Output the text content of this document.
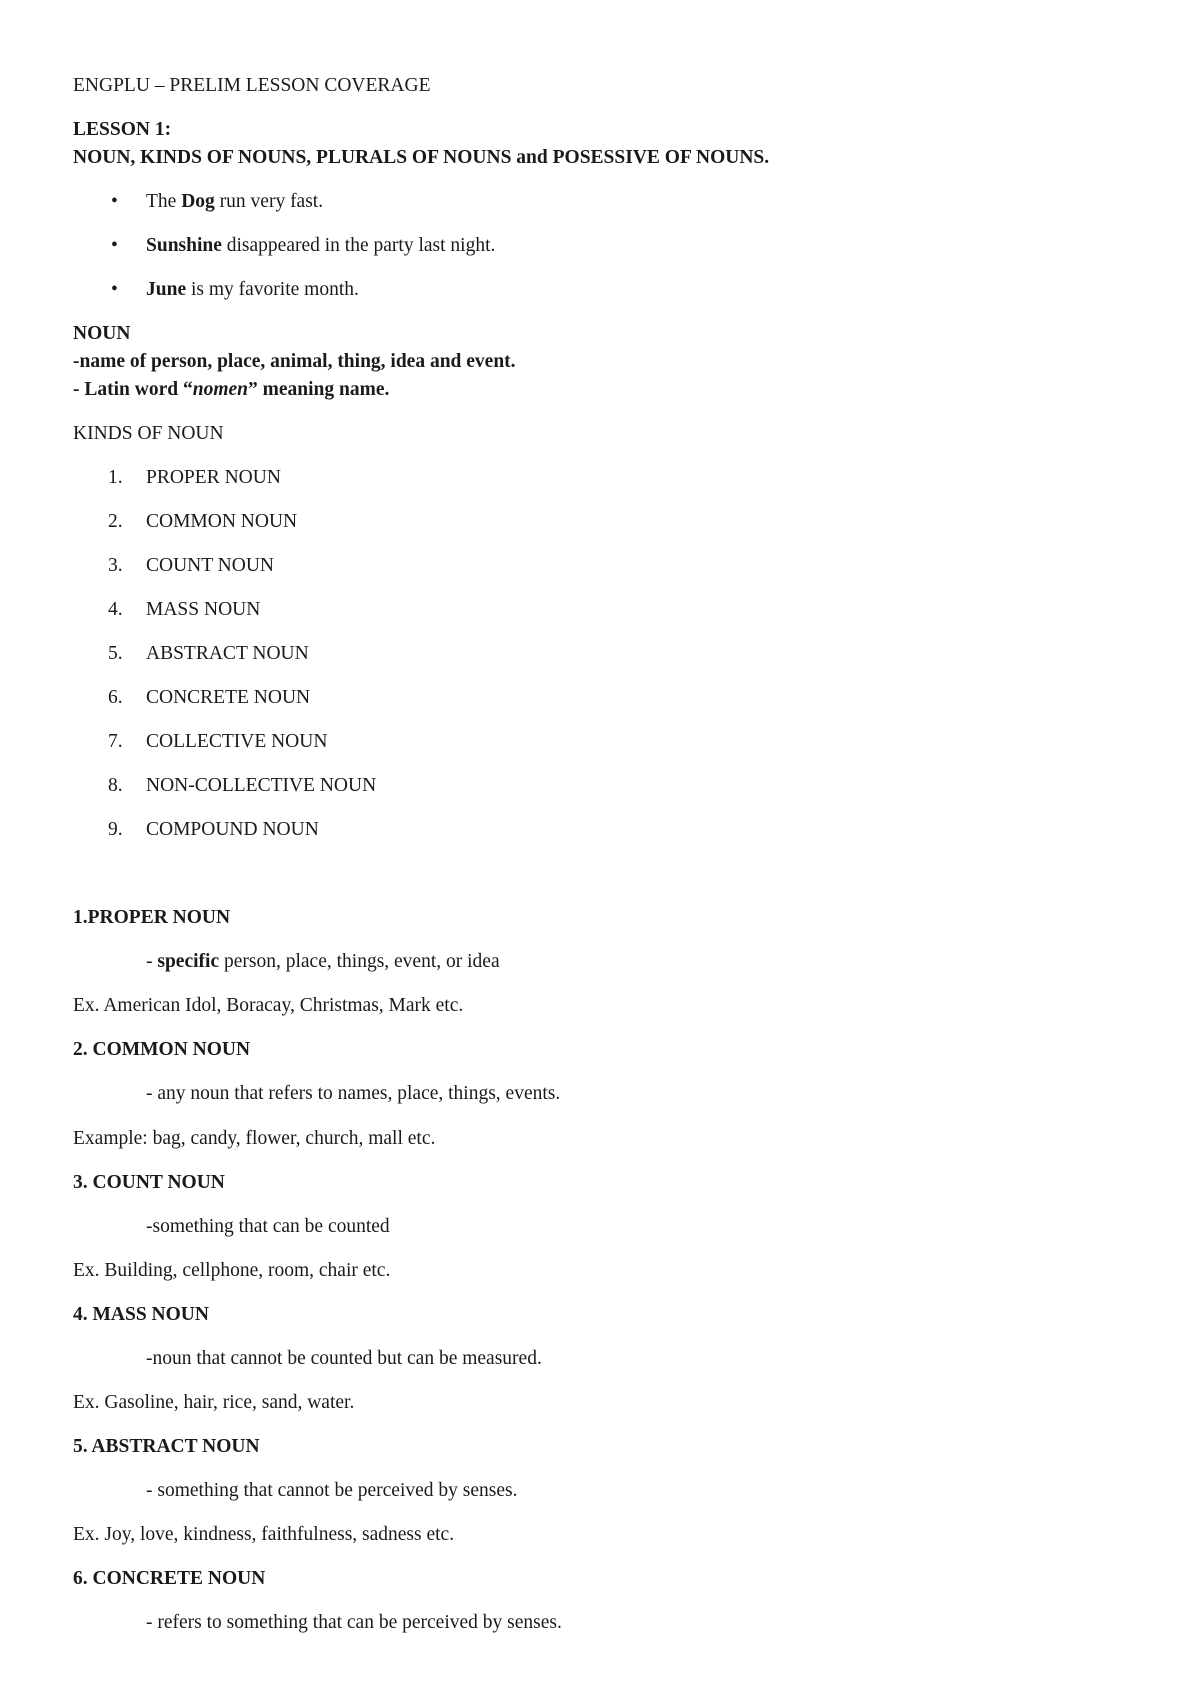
ENGPLU – PRELIM LESSON COVERAGE
LESSON 1:
NOUN, KINDS OF NOUNS, PLURALS OF NOUNS and POSESSIVE OF NOUNS.
• The Dog run very fast.
• Sunshine disappeared in the party last night.
• June is my favorite month.
NOUN
-name of person, place, animal, thing, idea and event.
- Latin word “nomen” meaning name.
KINDS OF NOUN
1. PROPER NOUN
2. COMMON NOUN
3. COUNT NOUN
4. MASS NOUN
5. ABSTRACT NOUN
6. CONCRETE NOUN
7. COLLECTIVE NOUN
8. NON-COLLECTIVE NOUN
9. COMPOUND NOUN
1.PROPER NOUN
- specific person, place, things, event, or idea
Ex. American Idol, Boracay, Christmas, Mark etc.
2. COMMON NOUN
- any noun that refers to names, place, things, events.
Example: bag, candy, flower, church, mall etc.
3. COUNT NOUN
-something that can be counted
Ex. Building, cellphone, room, chair etc.
4. MASS NOUN
-noun that cannot be counted but can be measured.
Ex. Gasoline, hair, rice, sand, water.
5. ABSTRACT NOUN
- something that cannot be perceived by senses.
Ex. Joy, love, kindness, faithfulness, sadness etc.
6. CONCRETE NOUN
- refers to something that can be perceived by senses.
